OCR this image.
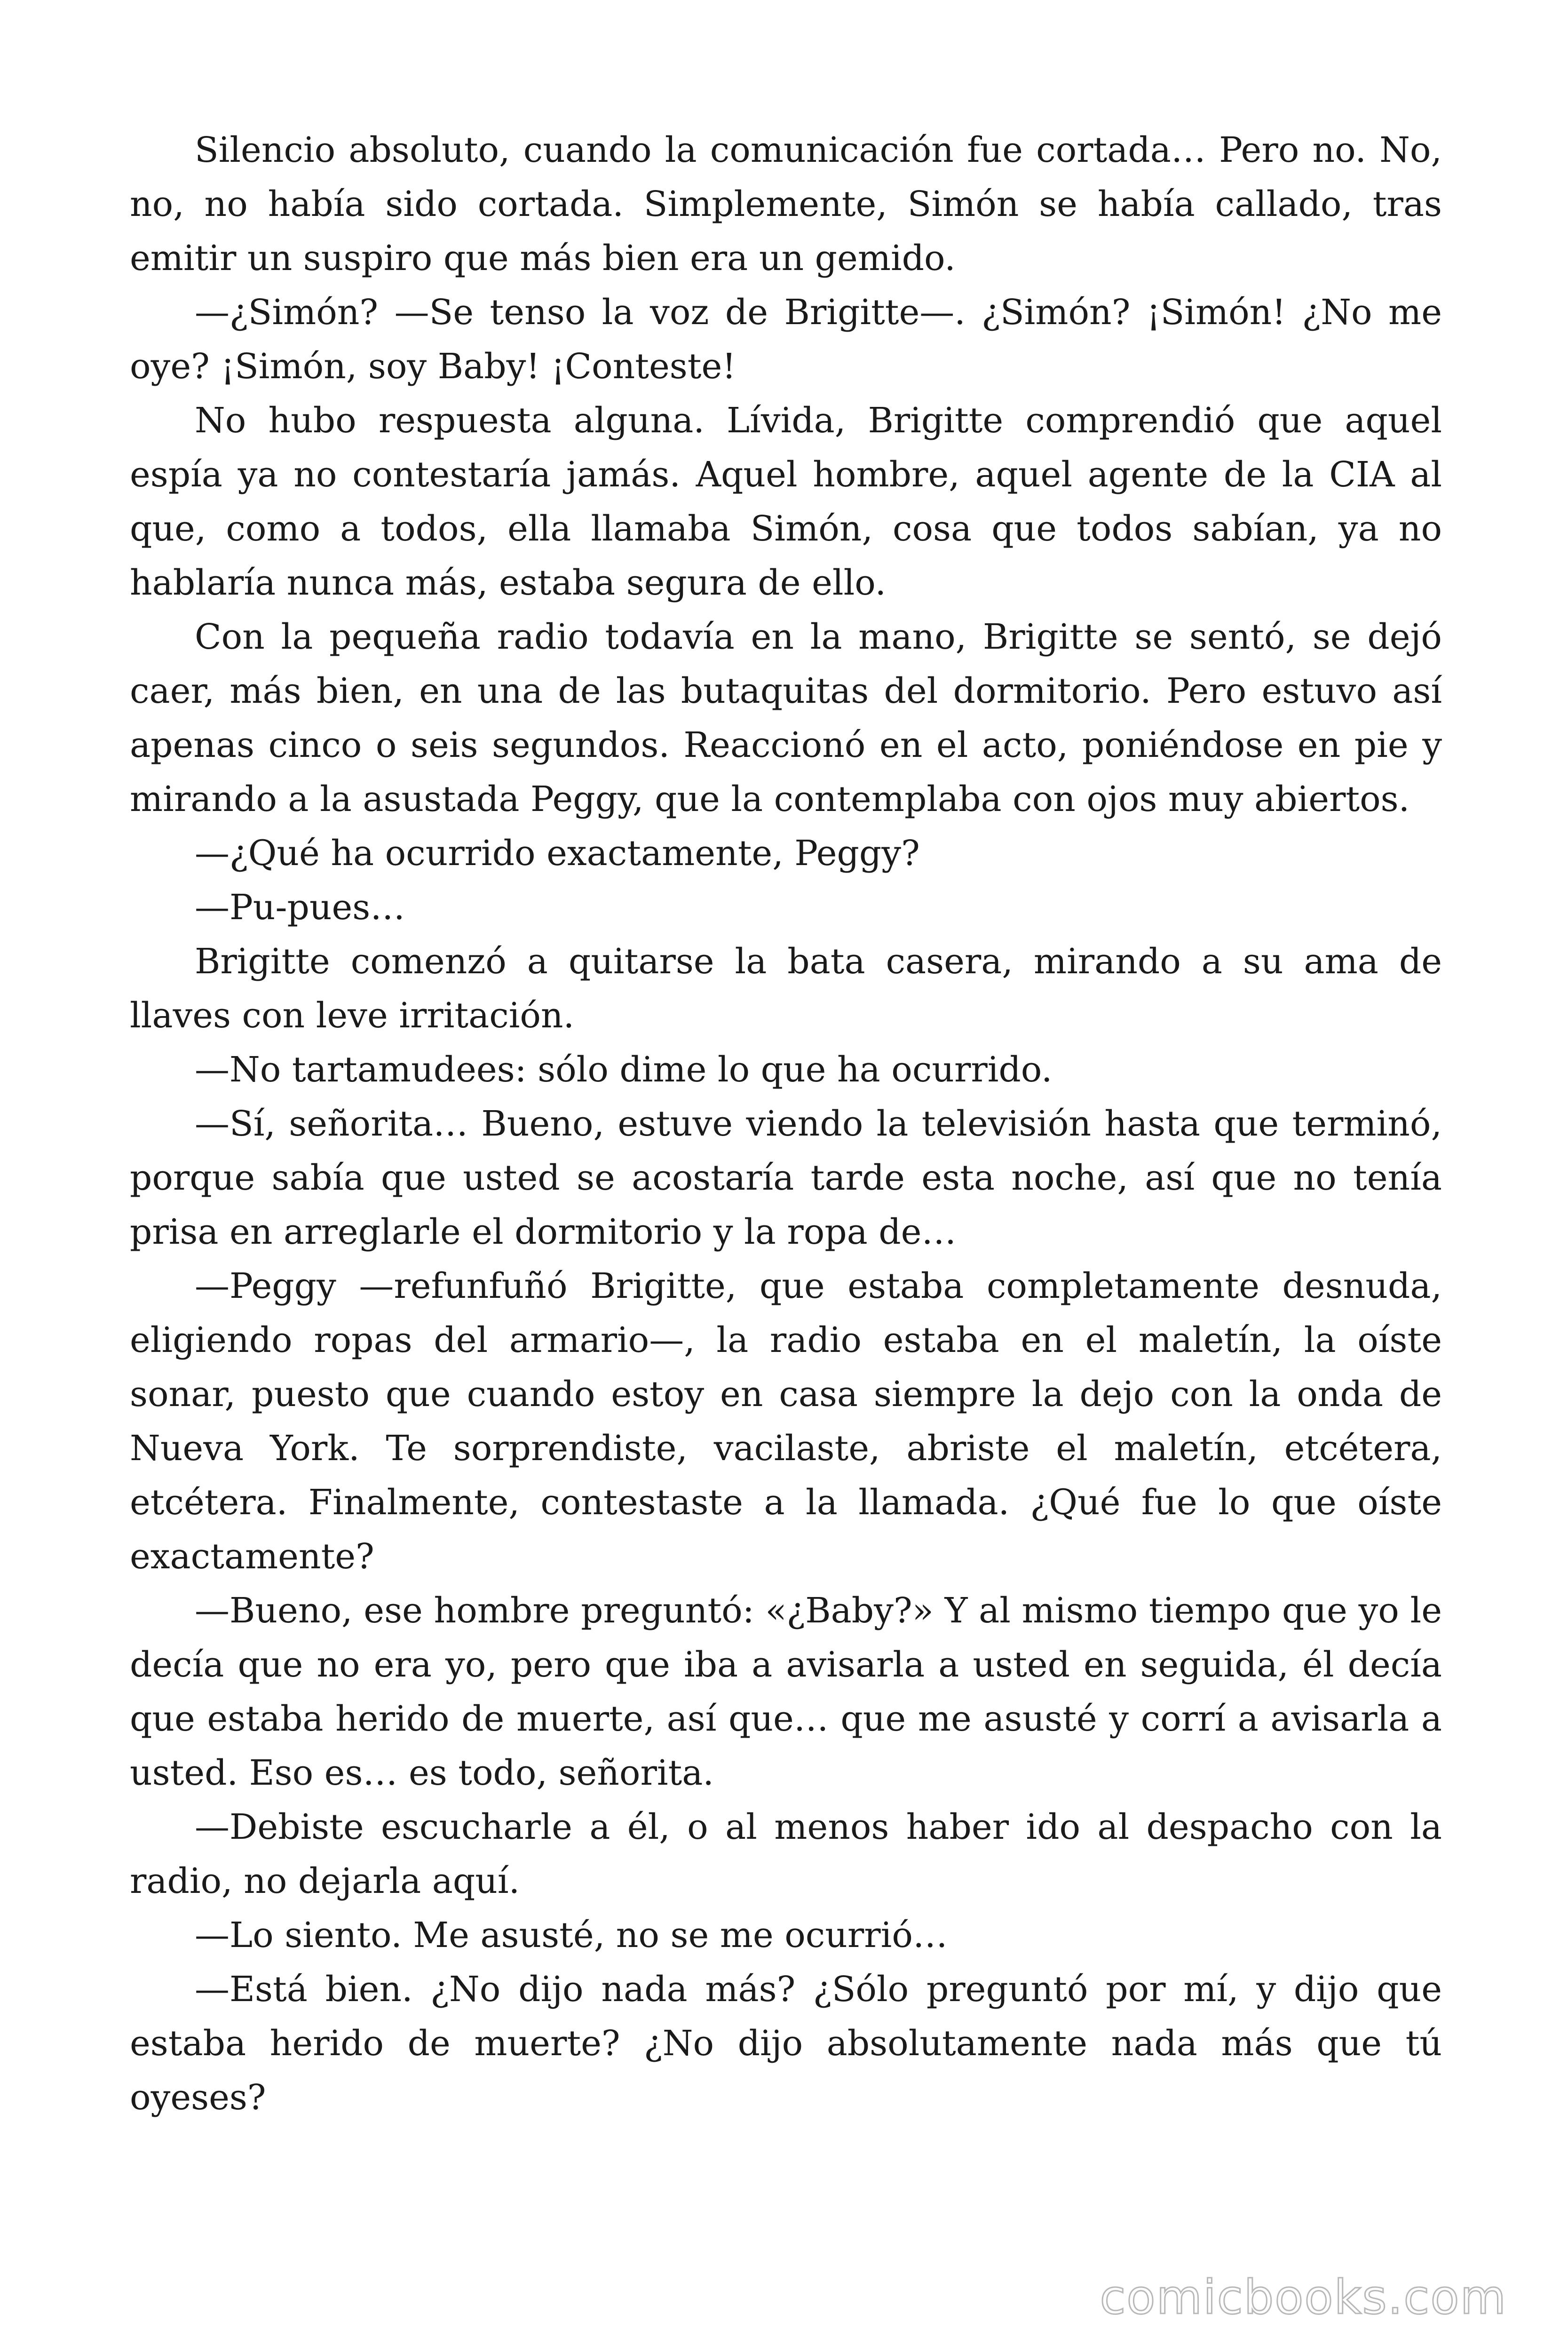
Silencio absoluto, cuando la comunicación fue cortada… Pero no. No, no, no había sido cortada. Simplemente, Simón se había callado, tras emitir un suspiro que más bien era un gemido.

—¿Simón? —Se tenso la voz de Brigitte—. ¿Simón? ¡Simón! ¿No me oye? ¡Simón, soy Baby! ¡Conteste!

No hubo respuesta alguna. Lívida, Brigitte comprendió que aquel espía ya no contestaría jamás. Aquel hombre, aquel agente de la CIA al que, como a todos, ella llamaba Simón, cosa que todos sabían, ya no hablaría nunca más, estaba segura de ello.

Con la pequeña radio todavía en la mano, Brigitte se sentó, se dejó caer, más bien, en una de las butaquitas del dormitorio. Pero estuvo así apenas cinco o seis segundos. Reaccionó en el acto, poniéndose en pie y mirando a la asustada Peggy, que la contemplaba con ojos muy abiertos.

—¿Qué ha ocurrido exactamente, Peggy?

—Pu-pues…

Brigitte comenzó a quitarse la bata casera, mirando a su ama de llaves con leve irritación.

—No tartamudees: sólo dime lo que ha ocurrido.

—Sí, señorita… Bueno, estuve viendo la televisión hasta que terminó, porque sabía que usted se acostaría tarde esta noche, así que no tenía prisa en arreglarle el dormitorio y la ropa de…

—Peggy —refunfuñó Brigitte, que estaba completamente desnuda, eligiendo ropas del armario—, la radio estaba en el maletín, la oíste sonar, puesto que cuando estoy en casa siempre la dejo con la onda de Nueva York. Te sorprendiste, vacilaste, abriste el maletín, etcétera, etcétera. Finalmente, contestaste a la llamada. ¿Qué fue lo que oíste exactamente?

—Bueno, ese hombre preguntó: «¿Baby?» Y al mismo tiempo que yo le decía que no era yo, pero que iba a avisarla a usted en seguida, él decía que estaba herido de muerte, así que… que me asusté y corrí a avisarla a usted. Eso es… es todo, señorita.

—Debiste escucharle a él, o al menos haber ido al despacho con la radio, no dejarla aquí.

—Lo siento. Me asusté, no se me ocurrió…

—Está bien. ¿No dijo nada más? ¿Sólo preguntó por mí, y dijo que estaba herido de muerte? ¿No dijo absolutamente nada más que tú oyeses?

comicbooks.com
